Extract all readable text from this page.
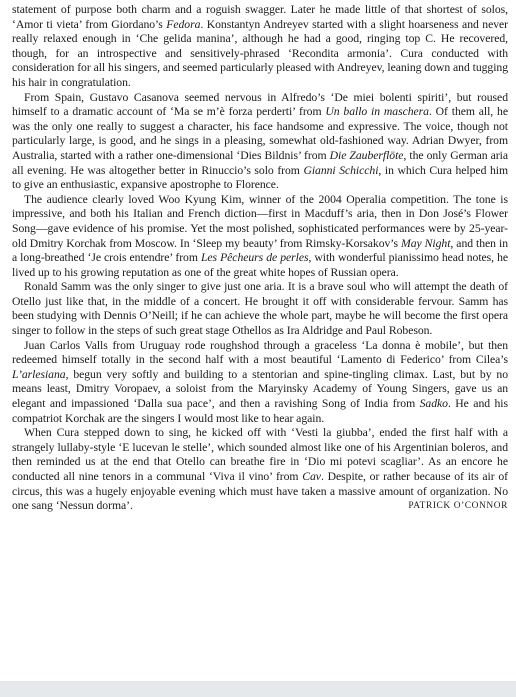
statement of purpose both charm and a roguish swagger. Later he made little of that shortest of solos, ‘Amor ti vieta’ from Giordano’s Fedora. Konstantyn Andreyev started with a slight hoarseness and never really relaxed enough in ‘Che gelida manina’, although he had a good, ringing top C. He recovered, though, for an introspective and sensitively-phrased ‘Recondita armonia’. Cura conducted with consideration for all his singers, and seemed particularly pleased with Andreyev, leaning down and tugging his hair in congratulation.

From Spain, Gustavo Casanova seemed nervous in Alfredo’s ‘De miei bolenti spiriti’, but roused himself to a dramatic account of ‘Ma se m’è forza perderti’ from Un ballo in maschera. Of them all, he was the only one really to suggest a character, his face handsome and expressive. The voice, though not particularly large, is good, and he sings in a pleasing, somewhat old-fashioned way. Adrian Dwyer, from Australia, started with a rather one-dimensional ‘Dies Bildnis’ from Die Zauberflöte, the only German aria all evening. He was altogether better in Rinuccio’s solo from Gianni Schicchi, in which Cura helped him to give an enthusiastic, expansive apostrophe to Florence.

The audience clearly loved Woo Kyung Kim, winner of the 2004 Operalia competition. The tone is impressive, and both his Italian and French diction—first in Macduff’s aria, then in Don José’s Flower Song—gave evidence of his promise. Yet the most polished, sophisticated performances were by 25-year-old Dmitry Korchak from Moscow. In ‘Sleep my beauty’ from Rimsky-Korsakov’s May Night, and then in a long-breathed ‘Je crois entendre’ from Les Pêcheurs de perles, with wonderful pianissimo head notes, he lived up to his growing reputation as one of the great white hopes of Russian opera.

Ronald Samm was the only singer to give just one aria. It is a brave soul who will attempt the death of Otello just like that, in the middle of a concert. He brought it off with considerable fervour. Samm has been studying with Dennis O’Neill; if he can achieve the whole part, maybe he will become the first opera singer to follow in the steps of such great stage Othellos as Ira Aldridge and Paul Robeson.

Juan Carlos Valls from Uruguay rode roughshod through a graceless ‘La donna è mobile’, but then redeemed himself totally in the second half with a most beautiful ‘Lamento di Federico’ from Cilea’s L’arlesiana, begun very softly and building to a stentorian and spine-tingling climax. Last, but by no means least, Dmitry Voropaev, a soloist from the Maryinsky Academy of Young Singers, gave us an elegant and impassioned ‘Dalla sua pace’, and then a ravishing Song of India from Sadko. He and his compatriot Korchak are the singers I would most like to hear again.

When Cura stepped down to sing, he kicked off with ‘Vesti la giubba’, ended the first half with a strangely lullaby-style ‘E lucevan le stelle’, which sounded almost like one of his Argentinian boleros, and then reminded us at the end that Otello can breathe fire in ‘Dio mi potevi scagliar’. As an encore he conducted all nine tenors in a communal ‘Viva il vino’ from Cav. Despite, or rather because of its air of circus, this was a hugely enjoyable evening which must have taken a massive amount of organization. No one sang ‘Nessun dorma’.	PATRICK O’CONNOR
